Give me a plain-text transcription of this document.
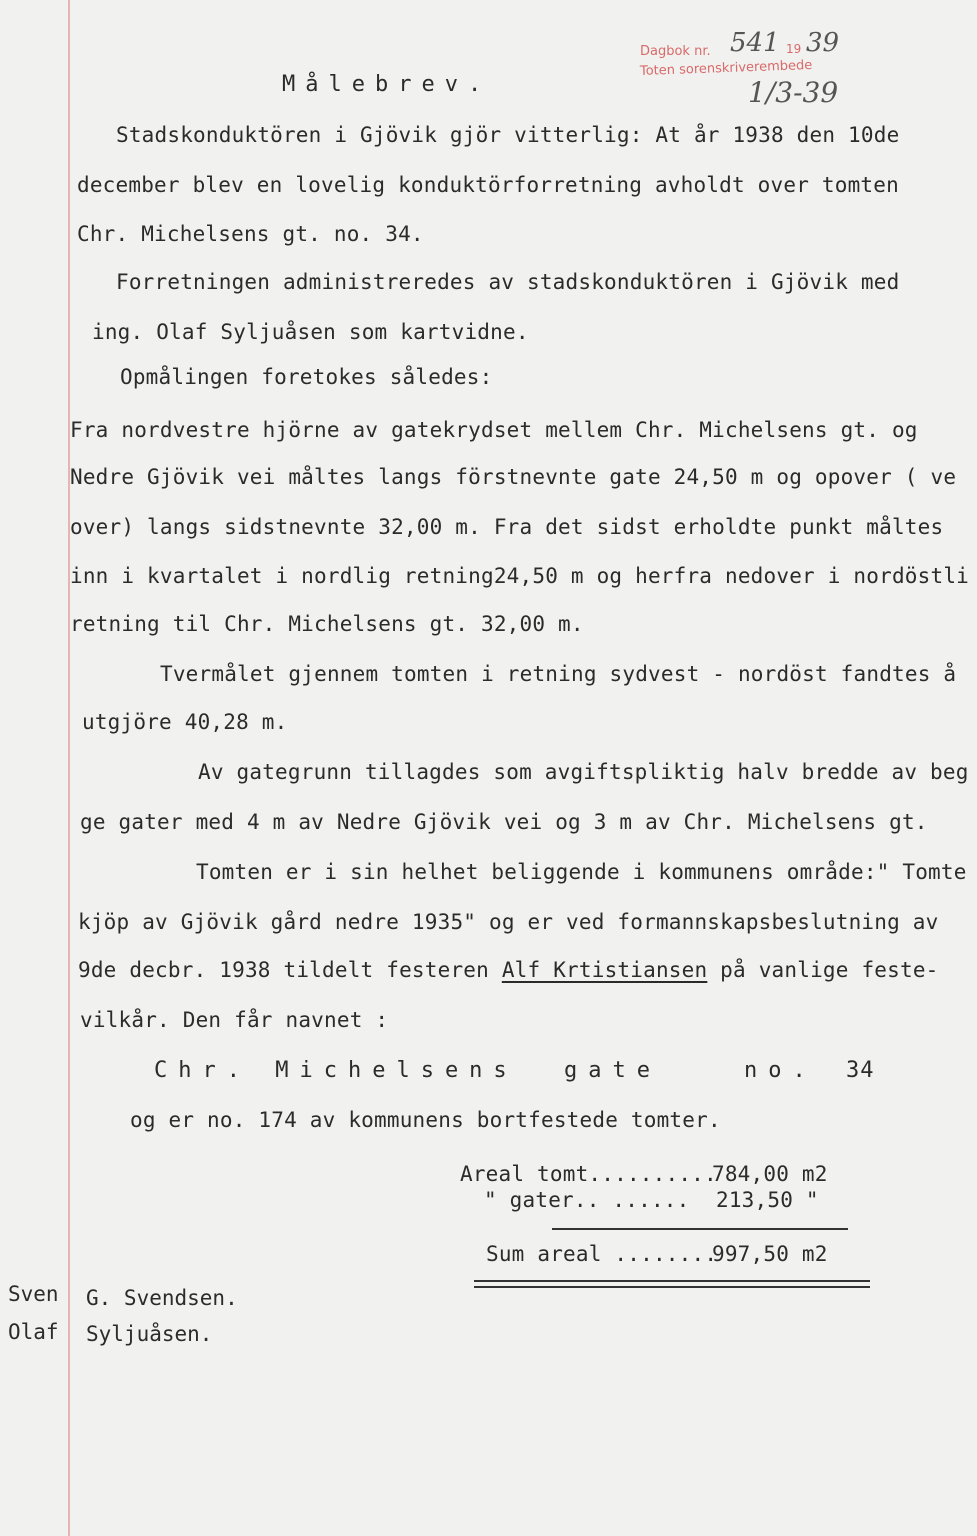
Dagbok nr. 541 19 39
Toten sorenskriverembede
1/3-39
Målebrev.
Stadskonduktören i Gjövik gjör vitterlig: At år 1938 den 10de
december blev en lovelig konduktörforretning avholdt over tomten
Chr. Michelsens gt. no. 34.
Forretningen administreredes av stadskonduktören i Gjövik med
ing. Olaf Syljuåsen som kartvidne.
Opmålingen foretokes således:
Fra nordvestre hjörne av gatekrydset mellem Chr. Michelsens gt. og
Nedre Gjövik vei måltes langs förstnevnte gate 24,50 m og opover ( ve
over) langs sidstnevnte 32,00 m. Fra det sidst erholdte punkt måltes
inn i kvartalet i nordlig retning24,50 m og herfra nedover i nordöstli
retning til Chr. Michelsens gt. 32,00 m.
Tvermålet gjennem tomten i retning sydvest - nordöst fandtes å
utgjöre 40,28 m.
Av gategrunn tillagdes som avgiftspliktig halv bredde av beg
ge gater med 4 m av Nedre Gjövik vei og 3 m av Chr. Michelsens gt.
Tomten er i sin helhet beliggende i kommunens område:" Tomte
kjöp av Gjövik gård nedre 1935" og er ved formannskapsbeslutning av
9de decbr. 1938 tildelt festeren Alf Krtistiansen på vanlige feste-
vilkår. Den får navnet :
Chr. Michelsens gate	no. 34
og er no. 174 av kommunens bortfestede tomter.
Areal tomt..........
784,00 m2
" gater.. ...... 213,50 "
Sum areal ........
997,50 m2
Sven G. Svendsen.
Olaf Syljuåsen.
